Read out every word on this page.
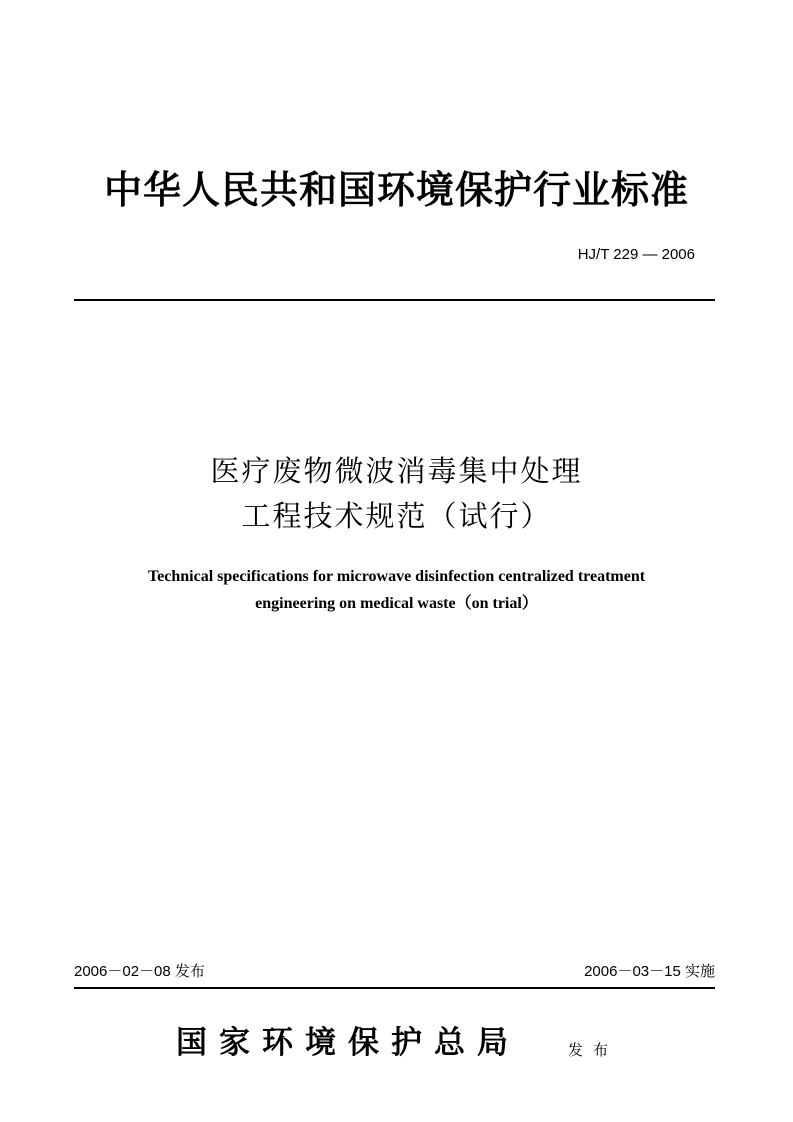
中华人民共和国环境保护行业标准
HJ/T 229 — 2006
医疗废物微波消毒集中处理
工程技术规范（试行）
Technical specifications for microwave disinfection centralized treatment
engineering on medical waste（on trial）
2006－02－08 发布	2006－03－15 实施
国家环境保护总局	发布
